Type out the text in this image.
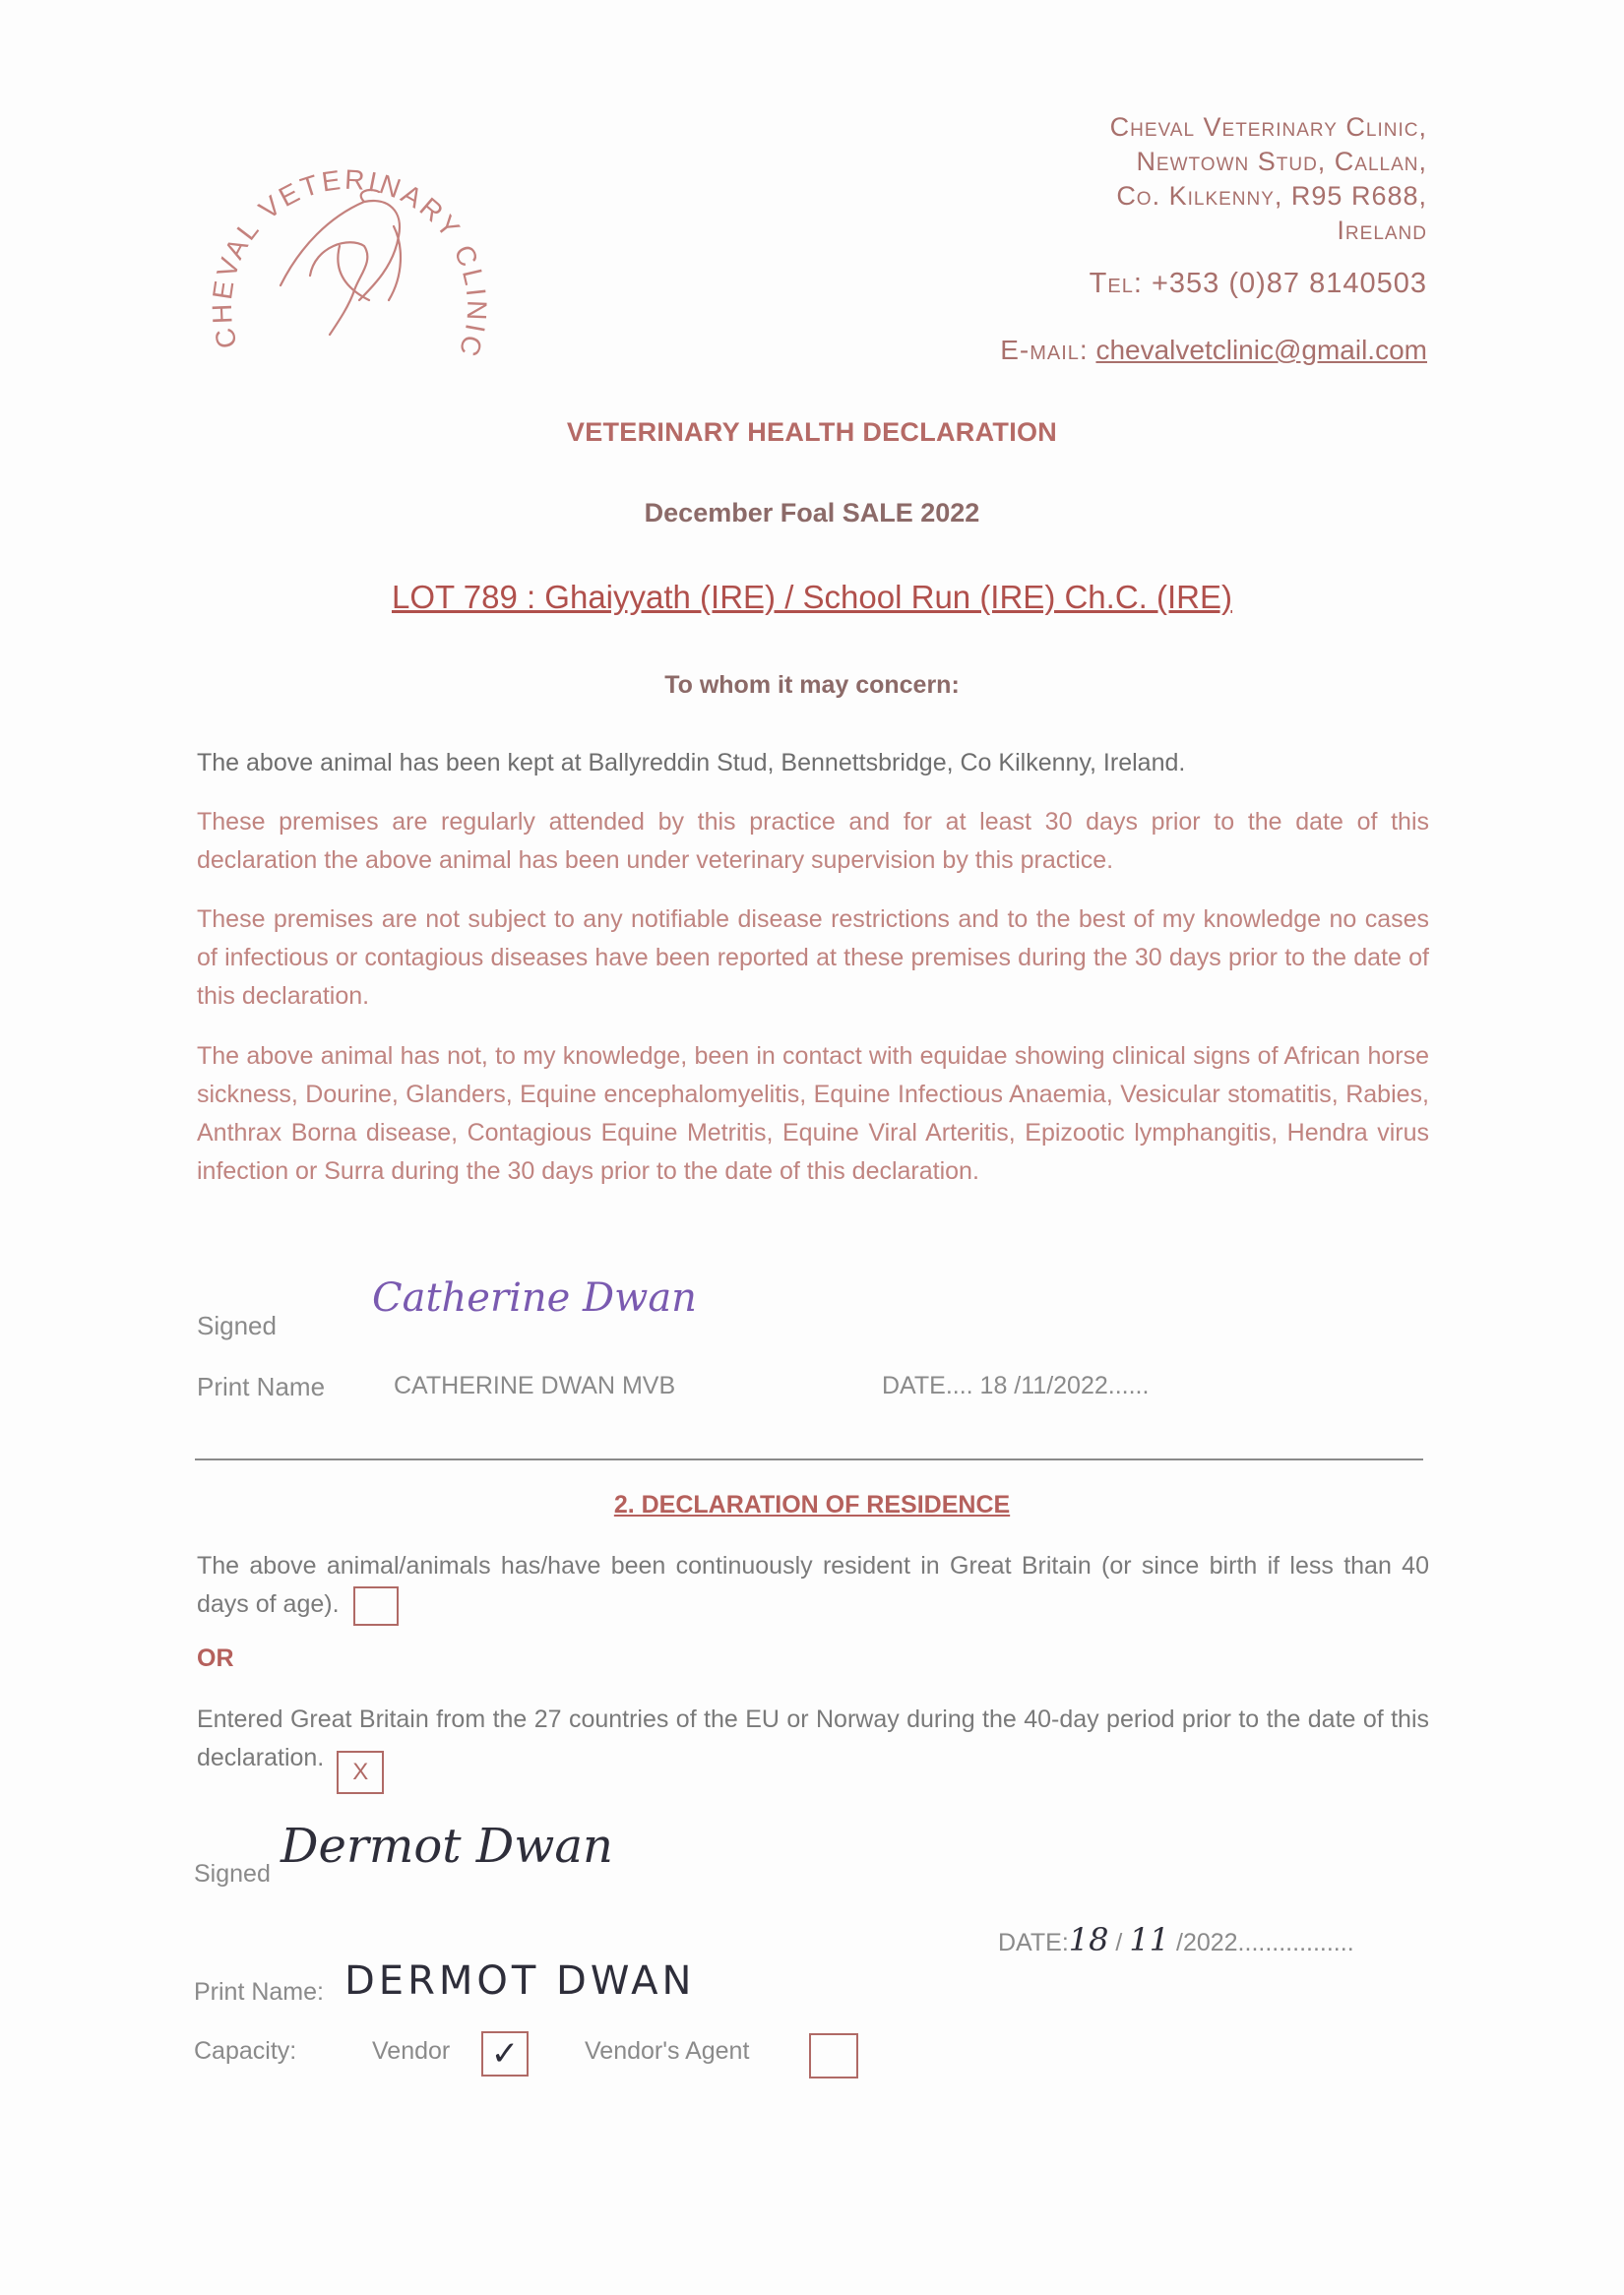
CHEVAL VETERINARY CLINIC
Cheval Veterinary Clinic,
Newtown Stud, Callan,
Co. Kilkenny, R95 R688,
Ireland
Tel: +353 (0)87 8140503
E-mail: chevalvetclinic@gmail.com
VETERINARY HEALTH DECLARATION
December Foal SALE 2022
LOT 789 : Ghaiyyath (IRE) / School Run (IRE) Ch.C. (IRE)
To whom it may concern:
The above animal has been kept at Ballyreddin Stud, Bennettsbridge, Co Kilkenny, Ireland.
These premises are regularly attended by this practice and for at least 30 days prior to the date of this declaration the above animal has been under veterinary supervision by this practice.
These premises are not subject to any notifiable disease restrictions and to the best of my knowledge no cases of infectious or contagious diseases have been reported at these premises during the 30 days prior to the date of this declaration.
The above animal has not, to my knowledge, been in contact with equidae showing clinical signs of African horse sickness, Dourine, Glanders, Equine encephalomyelitis, Equine Infectious Anaemia, Vesicular stomatitis, Rabies, Anthrax Borna disease, Contagious Equine Metritis, Equine Viral Arteritis, Epizootic lymphangitis, Hendra virus infection or Surra during the 30 days prior to the date of this declaration.
Signed
Catherine Dwan
Print Name	CATHERINE DWAN MVB	DATE.... 18 /11/2022......
2. DECLARATION OF RESIDENCE
The above animal/animals has/have been continuously resident in Great Britain (or since birth if less than 40 days of age).
OR
Entered Great Britain from the 27 countries of the EU or Norway during the 40-day period prior to the date of this declaration. X
Signed Dermot Dwan
DATE:18 / 11 /2022.................
Print Name: DERMOT DWAN
Capacity:	Vendor ✓	Vendor's Agent
